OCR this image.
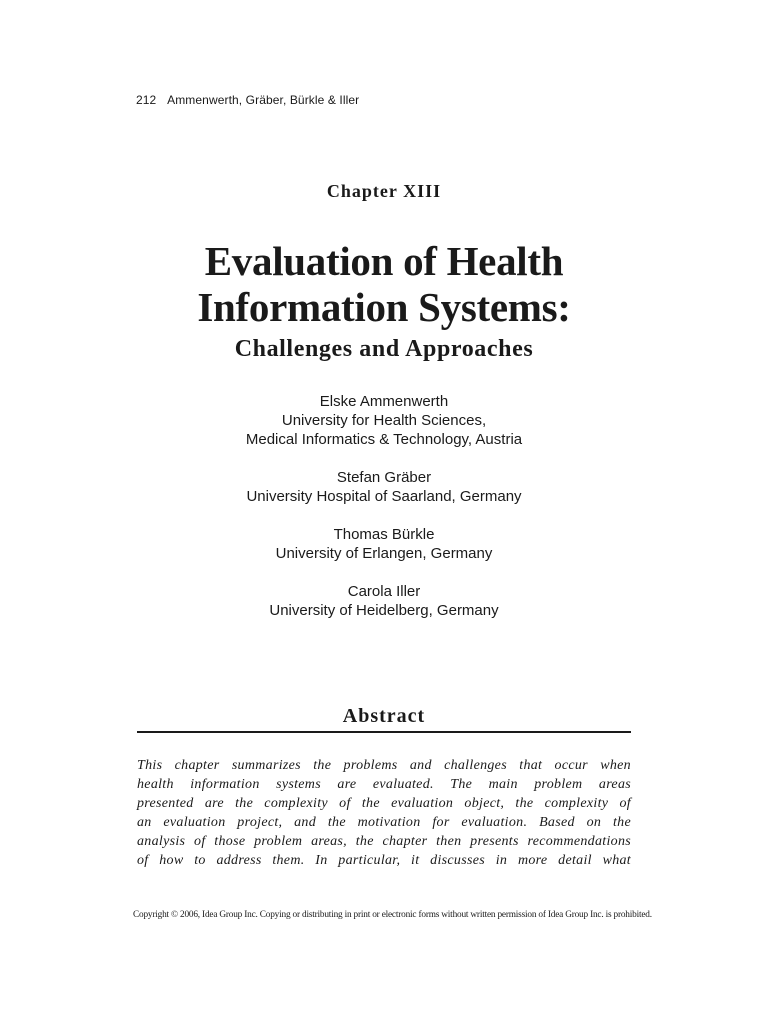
212 Ammenwerth, Gräber, Bürkle & Iller
Chapter XIII
Evaluation of Health
Information Systems:
Challenges and Approaches
Elske Ammenwerth
University for Health Sciences,
Medical Informatics & Technology, Austria
Stefan Gräber
University Hospital of Saarland, Germany
Thomas Bürkle
University of Erlangen, Germany
Carola Iller
University of Heidelberg, Germany
Abstract
This chapter summarizes the problems and challenges that occur when
health information systems are evaluated. The main problem areas
presented are the complexity of the evaluation object, the complexity of
an evaluation project, and the motivation for evaluation. Based on the
analysis of those problem areas, the chapter then presents recommendations
of how to address them. In particular, it discusses in more detail what
Copyright © 2006, Idea Group Inc. Copying or distributing in print or electronic forms without written permission of Idea Group Inc. is prohibited.
